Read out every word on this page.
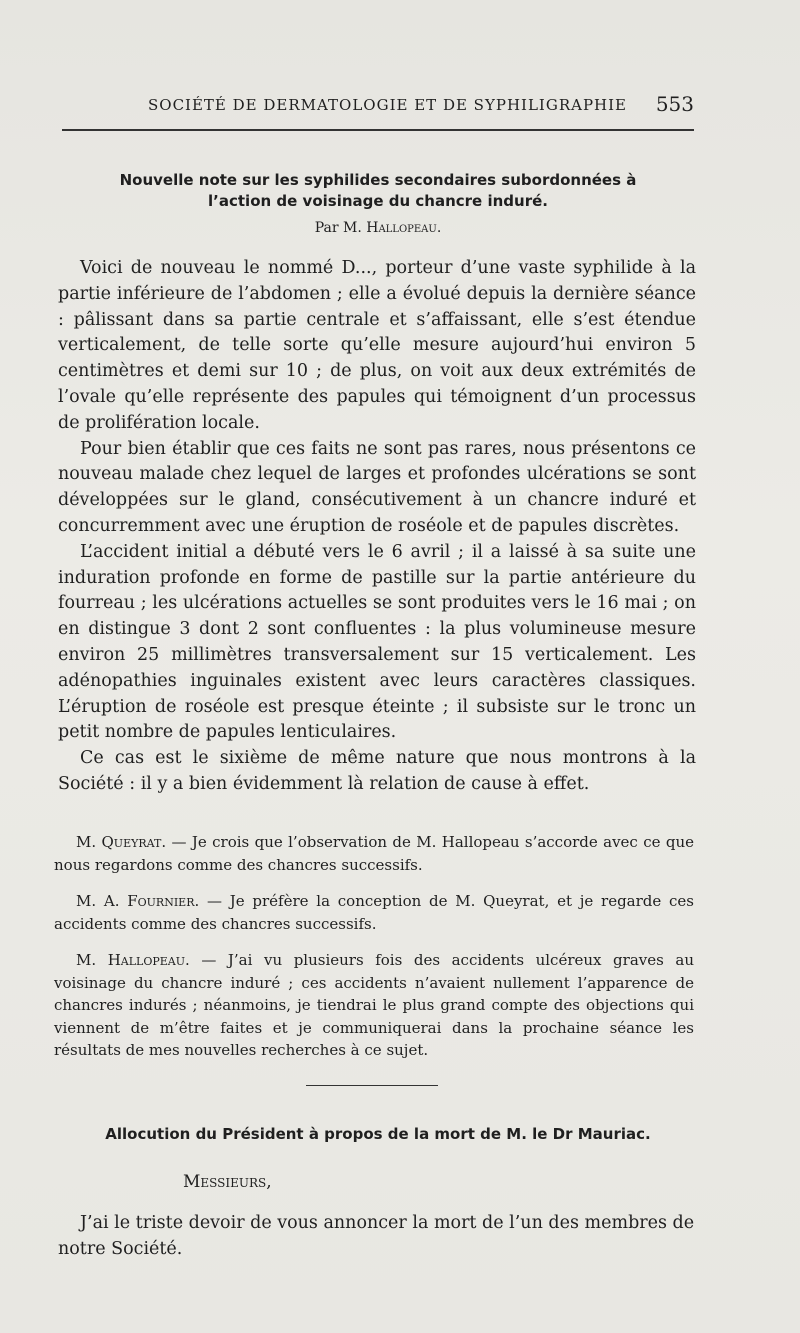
SOCIÉTÉ DE DERMATOLOGIE ET DE SYPHILIGRAPHIE 553
Nouvelle note sur les syphilides secondaires subordonnées à
l’action de voisinage du chancre induré.
Par M. Hallopeau.

Voici de nouveau le nommé D..., porteur d’une vaste syphilide à la partie inférieure de l’abdomen ; elle a évolué depuis la dernière séance : pâlissant dans sa partie centrale et s’affaissant, elle s’est étendue verticalement, de telle sorte qu’elle mesure aujourd’hui environ 5 centimètres et demi sur 10 ; de plus, on voit aux deux extrémités de l’ovale qu’elle représente des papules qui témoignent d’un processus de prolifération locale.

Pour bien établir que ces faits ne sont pas rares, nous présentons ce nouveau malade chez lequel de larges et profondes ulcérations se sont développées sur le gland, consécutivement à un chancre induré et concurremment avec une éruption de roséole et de papules discrètes.

L’accident initial a débuté vers le 6 avril ; il a laissé à sa suite une induration profonde en forme de pastille sur la partie antérieure du fourreau ; les ulcérations actuelles se sont produites vers le 16 mai ; on en distingue 3 dont 2 sont confluentes : la plus volumineuse mesure environ 25 millimètres transversalement sur 15 verticalement. Les adénopathies inguinales existent avec leurs caractères classiques. L’éruption de roséole est presque éteinte ; il subsiste sur le tronc un petit nombre de papules lenticulaires.

Ce cas est le sixième de même nature que nous montrons à la Société : il y a bien évidemment là relation de cause à effet.

M. Queyrat. — Je crois que l’observation de M. Hallopeau s’accorde avec ce que nous regardons comme des chancres successifs.

M. A. Fournier. — Je préfère la conception de M. Queyrat, et je regarde ces accidents comme des chancres successifs.

M. Hallopeau. — J’ai vu plusieurs fois des accidents ulcéreux graves au voisinage du chancre induré ; ces accidents n’avaient nullement l’apparence de chancres indurés ; néanmoins, je tiendrai le plus grand compte des objections qui viennent de m’être faites et je communiquerai dans la prochaine séance les résultats de mes nouvelles recherches à ce sujet.

Allocution du Président à propos de la mort de M. le Dr Mauriac.
Messieurs,

J’ai le triste devoir de vous annoncer la mort de l’un des membres de notre Société.
